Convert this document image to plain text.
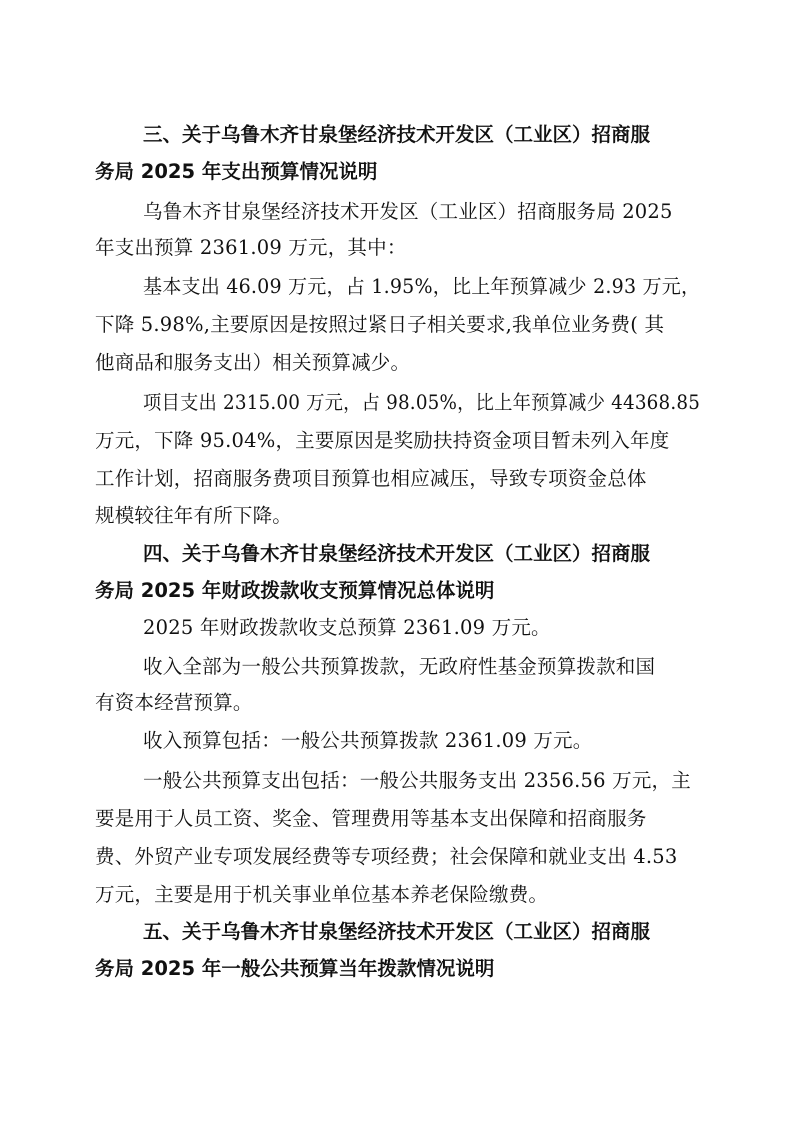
三、关于乌鲁木齐甘泉堡经济技术开发区（工业区）招商服

务局 2025 年支出预算情况说明

乌鲁木齐甘泉堡经济技术开发区（工业区）招商服务局 2025

年支出预算 2361.09 万元，其中：

基本支出 46.09 万元，占 1.95%，比上年预算减少 2.93 万元，

下降 5.98%,主要原因是按照过紧日子相关要求,我单位业务费( 其

他商品和服务支出）相关预算减少。

项目支出 2315.00 万元，占 98.05%，比上年预算减少 44368.85

万元，下降 95.04%，主要原因是奖励扶持资金项目暂未列入年度

工作计划，招商服务费项目预算也相应减压，导致专项资金总体

规模较往年有所下降。

四、关于乌鲁木齐甘泉堡经济技术开发区（工业区）招商服

务局 2025 年财政拨款收支预算情况总体说明

2025 年财政拨款收支总预算 2361.09 万元。

收入全部为一般公共预算拨款，无政府性基金预算拨款和国

有资本经营预算。

收入预算包括：一般公共预算拨款 2361.09 万元。

一般公共预算支出包括：一般公共服务支出 2356.56 万元，主

要是用于人员工资、奖金、管理费用等基本支出保障和招商服务

费、外贸产业专项发展经费等专项经费；社会保障和就业支出 4.53

万元，主要是用于机关事业单位基本养老保险缴费。

五、关于乌鲁木齐甘泉堡经济技术开发区（工业区）招商服

务局 2025 年一般公共预算当年拨款情况说明
